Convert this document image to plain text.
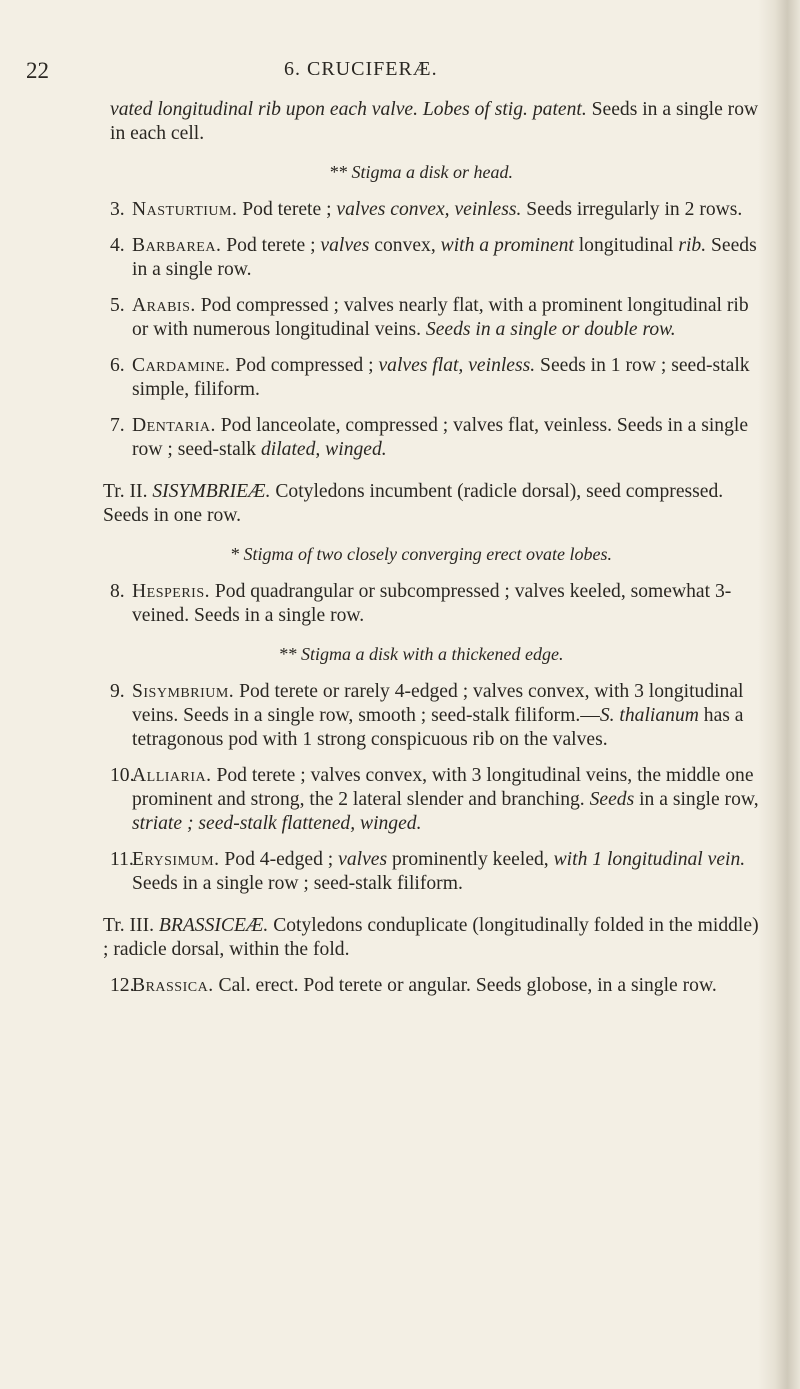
22	6. CRUCIFERÆ.

vated longitudinal rib upon each valve. Lobes of stig. patent. Seeds in a single row in each cell.

** Stigma a disk or head.

3. Nasturtium. Pod terete ; valves convex, veinless. Seeds irregularly in 2 rows.

4. Barbarea. Pod terete ; valves convex, with a prominent longitudinal rib. Seeds in a single row.

5. Arabis. Pod compressed ; valves nearly flat, with a prominent longitudinal rib or with numerous longitudinal veins. Seeds in a single or double row.

6. Cardamine. Pod compressed ; valves flat, veinless. Seeds in 1 row ; seed-stalk simple, filiform.

7. Dentaria. Pod lanceolate, compressed ; valves flat, veinless. Seeds in a single row ; seed-stalk dilated, winged.

Tr. II. SISYMBRIEÆ. Cotyledons incumbent (radicle dorsal), seed compressed. Seeds in one row.

* Stigma of two closely converging erect ovate lobes.

8. Hesperis. Pod quadrangular or subcompressed ; valves keeled, somewhat 3-veined. Seeds in a single row.

** Stigma a disk with a thickened edge.

9. Sisymbrium. Pod terete or rarely 4-edged ; valves convex, with 3 longitudinal veins. Seeds in a single row, smooth ; seed-stalk filiform.—S. thalianum has a tetragonous pod with 1 strong conspicuous rib on the valves.

10.Alliaria. Pod terete ; valves convex, with 3 longitudinal veins, the middle one prominent and strong, the 2 lateral slender and branching. Seeds in a single row, striate ; seed-stalk flattened, winged.

11.Erysimum. Pod 4-edged ; valves prominently keeled, with 1 longitudinal vein. Seeds in a single row ; seed-stalk filiform.

Tr. III. BRASSICEÆ. Cotyledons conduplicate (longitudinally folded in the middle) ; radicle dorsal, within the fold.

12.Brassica. Cal. erect. Pod terete or angular. Seeds globose, in a single row.
